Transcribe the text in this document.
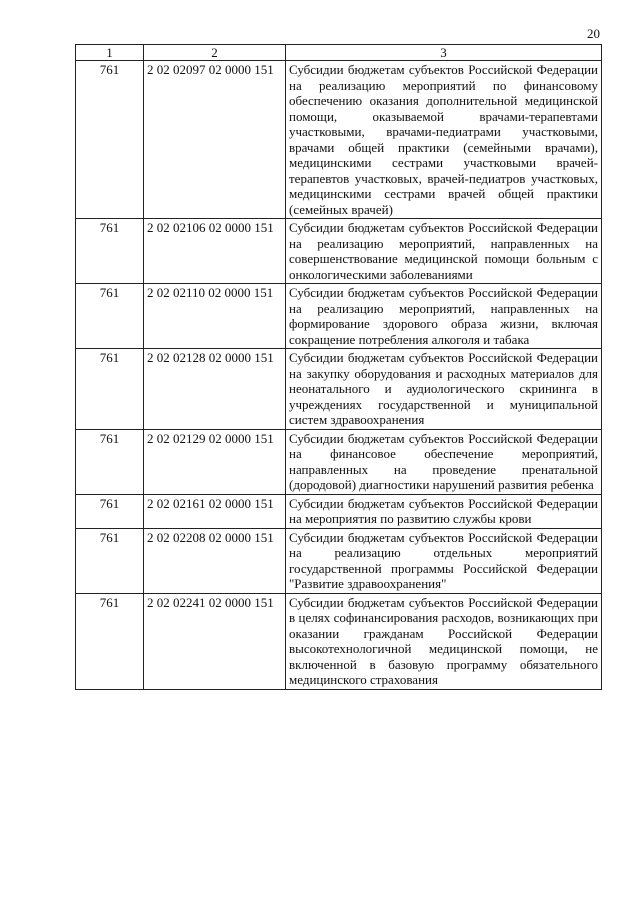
20
1	2	3
761	2 02 02097 02 0000 151	Субсидии бюджетам субъектов Российской Федерации на реализацию мероприятий по финансовому обеспечению оказания дополнительной медицинской помощи, оказываемой врачами-терапевтами участковыми, врачами-педиатрами участковыми, врачами общей практики (семейными врачами), медицинскими сестрами участковыми врачей-терапевтов участковых, врачей-педиатров участковых, медицинскими сестрами врачей общей практики (семейных врачей)
761	2 02 02106 02 0000 151	Субсидии бюджетам субъектов Российской Федерации на реализацию мероприятий, направленных на совершенствование медицинской помощи больным с онкологическими заболеваниями
761	2 02 02110 02 0000 151	Субсидии бюджетам субъектов Российской Федерации на реализацию мероприятий, направленных на формирование здорового образа жизни, включая сокращение потребления алкоголя и табака
761	2 02 02128 02 0000 151	Субсидии бюджетам субъектов Российской Федерации на закупку оборудования и расходных материалов для неонатального и аудиологического скрининга в учреждениях государственной и муниципальной систем здравоохранения
761	2 02 02129 02 0000 151	Субсидии бюджетам субъектов Российской Федерации на финансовое обеспечение мероприятий, направленных на проведение пренатальной (дородовой) диагностики нарушений развития ребенка
761	2 02 02161 02 0000 151	Субсидии бюджетам субъектов Российской Федерации на мероприятия по развитию службы крови
761	2 02 02208 02 0000 151	Субсидии бюджетам субъектов Российской Федерации на реализацию отдельных мероприятий государственной программы Российской Федерации "Развитие здравоохранения"
761	2 02 02241 02 0000 151	Субсидии бюджетам субъектов Российской Федерации в целях софинансирования расходов, возникающих при оказании гражданам Российской Федерации высокотехнологичной медицинской помощи, не включенной в базовую программу обязательного медицинского страхования
